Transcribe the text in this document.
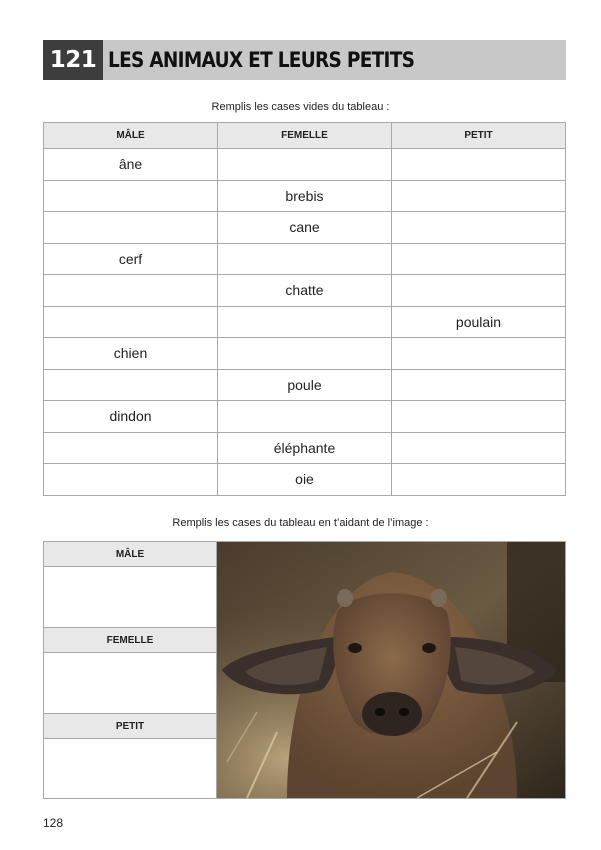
121 LES ANIMAUX ET LEURS PETITS
Remplis les cases vides du tableau :
MÂLE	FEMELLE	PETIT
âne		
	brebis	
	cane	
cerf		
	chatte	
		poulain
chien		
	poule	
dindon		
	éléphante	
	oie	
Remplis les cases du tableau en t’aidant de l’image :
MÂLE
FEMELLE
PETIT
128
